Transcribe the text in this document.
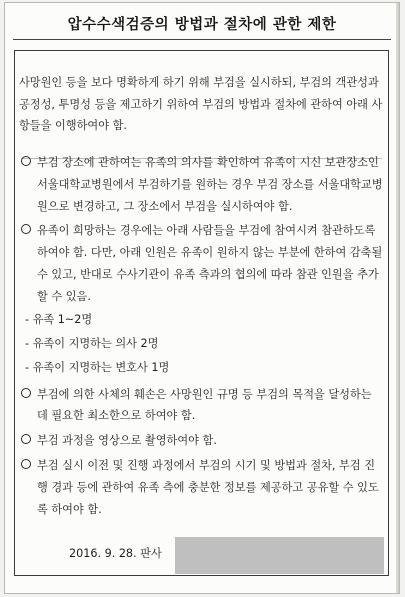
압수수색검증의 방법과 절차에 관한 제한
사망원인 등을 보다 명확하게 하기 위해 부검을 실시하되, 부검의 객관성과 공정성, 투명성 등을 제고하기 위하여 부검의 방법과 절차에 관하여 아래 사항들을 이행하여야 함.
부검 장소에 관하여는 유족의 의사를 확인하여 유족이 시신 보관장소인 서울대학교병원에서 부검하기를 원하는 경우 부검 장소를 서울대학교병원으로 변경하고, 그 장소에서 부검을 실시하여야 함.
유족이 희망하는 경우에는 아래 사람들을 부검에 참여시켜 참관하도록 하여야 함. 다만, 아래 인원은 유족이 원하지 않는 부분에 한하여 감축될 수 있고, 반대로 수사기관이 유족 측과의 협의에 따라 참관 인원을 추가할 수 있음.
- 유족 1~2명
- 유족이 지명하는 의사 2명
- 유족이 지명하는 변호사 1명
부검에 의한 사체의 훼손은 사망원인 규명 등 부검의 목적을 달성하는 데 필요한 최소한으로 하여야 함.
부검 과정을 영상으로 촬영하여야 함.
부검 실시 이전 및 진행 과정에서 부검의 시기 및 방법과 절차, 부검 진행 경과 등에 관하여 유족 측에 충분한 정보를 제공하고 공유할 수 있도록 하여야 함.
2016. 9. 28. 판사
